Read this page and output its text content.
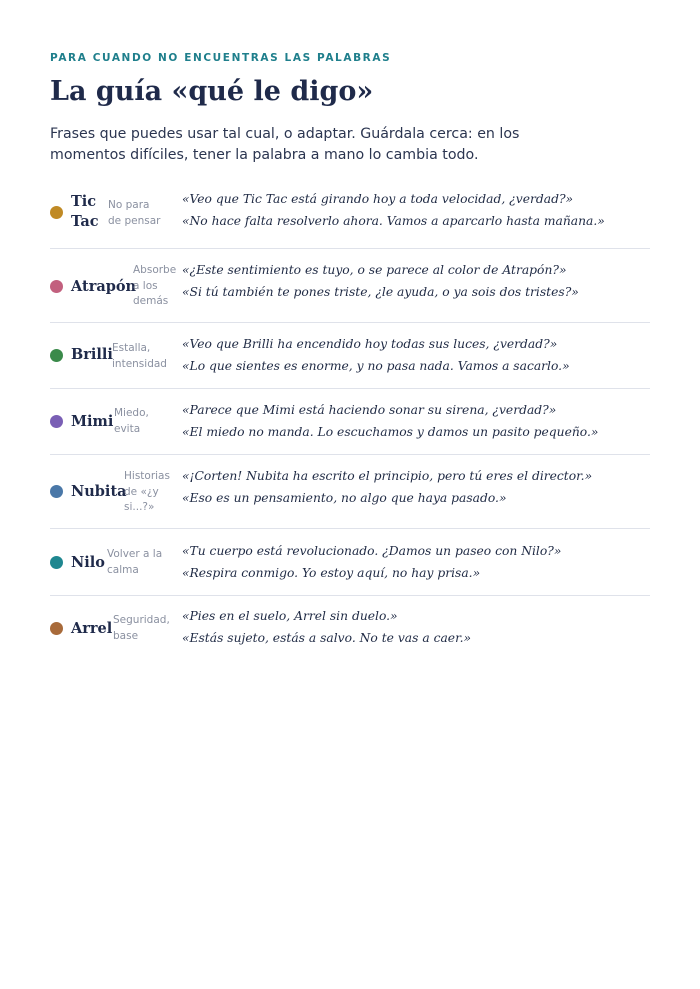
PARA CUANDO NO ENCUENTRAS LAS PALABRAS
La guía «qué le digo»
Frases que puedes usar tal cual, o adaptar. Guárdala cerca: en los momentos difíciles, tener la palabra a mano lo cambia todo.
Tic
Tac
No para
de pensar
«Veo que Tic Tac está girando hoy a toda velocidad, ¿verdad?»
«No hace falta resolverlo ahora. Vamos a aparcarlo hasta mañana.»
Atrapón
Absorbe
a los
demás
«¿Este sentimiento es tuyo, o se parece al color de Atrapón?»
«Si tú también te pones triste, ¿le ayuda, o ya sois dos tristes?»
Brilli Estalla,
intensidad
«Veo que Brilli ha encendido hoy todas sus luces, ¿verdad?»
«Lo que sientes es enorme, y no pasa nada. Vamos a sacarlo.»
Mimi Miedo,
evita
«Parece que Mimi está haciendo sonar su sirena, ¿verdad?»
«El miedo no manda. Lo escuchamos y damos un pasito pequeño.»
Nubita
Historias
de «¿y
si...?»
«¡Corten! Nubita ha escrito el principio, pero tú eres el director.»
«Eso es un pensamiento, no algo que haya pasado.»
Nilo Volver a la
calma
«Tu cuerpo está revolucionado. ¿Damos un paseo con Nilo?»
«Respira conmigo. Yo estoy aquí, no hay prisa.»
Arrel Seguridad,
base
«Pies en el suelo, Arrel sin duelo.»
«Estás sujeto, estás a salvo. No te vas a caer.»
